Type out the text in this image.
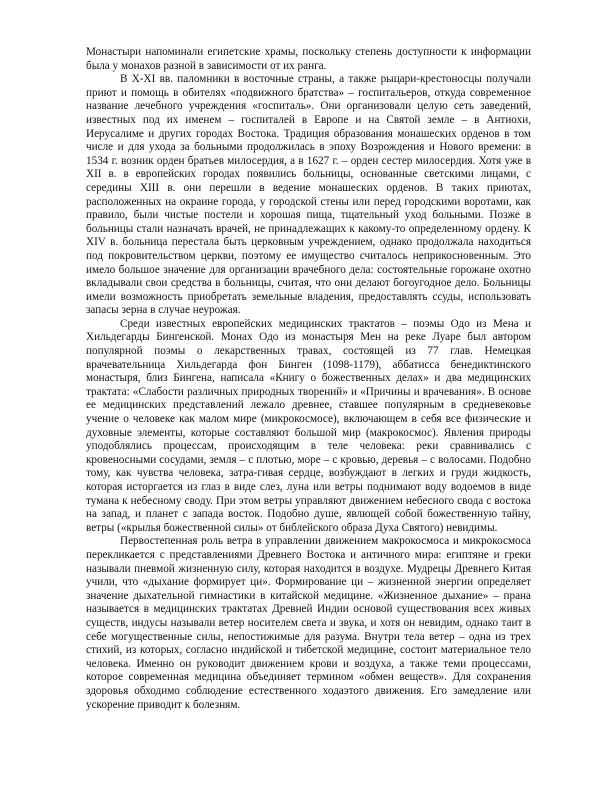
Монастыри напоминали египетские храмы, поскольку степень доступности к информации была у монахов разной в зависимости от их ранга.

В Х-ХI вв. паломники в восточные страны, а также рыцари-крестоносцы получали приют и помощь в обителях «подвижного братства» – госпитальеров, откуда современное название лечебного учреждения «госпиталь». Они организовали целую сеть заведений, известных под их именем – госпиталей в Европе и на Святой земле – в Антиохи, Иерусалиме и других городах Востока. Традиция образования монашеских орденов в том числе и для ухода за больными продолжилась в эпоху Возрождения и Нового времени: в 1534 г. возник орден братьев милосердия, а в 1627 г. – орден сестер милосердия. Хотя уже в XII в. в европейских городах появились больницы, основанные светскими лицами, с середины XIII в. они перешли в ведение монашеских орденов. В таких приютах, расположенных на окраине города, у городской стены или перед городскими воротами, как правило, были чистые постели и хорошая пища, тщательный уход больными. Позже в больницы стали назначать врачей, не принадлежащих к какому-то определенному ордену. К XIV в. больница перестала быть церковным учреждением, однако продолжала находиться под покровительством церкви, поэтому ее имущество считалось неприкосновенным. Это имело большое значение для организации врачебного дела: состоятельные горожане охотно вкладывали свои средства в больницы, считая, что они делают богоугодное дело. Больницы имели возможность приобретать земельные владения, предоставлять ссуды, использовать запасы зерна в случае неурожая.

Среди известных европейских медицинских трактатов – поэмы Одо из Мена и Хильдегарды Бингенской. Монах Одо из монастыря Мен на реке Луаре был автором популярной поэмы о лекарственных травах, состоящей из 77 глав. Немецкая врачевательница Хильдегарда фон Бинген (1098-1179), аббатисса бенедиктинского монастыря, близ Бингена, написала «Книгу о божественных делах» и два медицинских трактата: «Слабости различных природных творений» и «Причины и врачевания». В основе ее медицинских представлений лежало древнее, ставшее популярным в средневековье учение о человеке как малом мире (микрокосмосе), включающем в себя все физические и духовные элементы, которые составляют большой мир (макрокосмос). Явления природы уподоблялись процессам, происходящим в теле человека: реки сравнивались с кровеносными сосудами, земля – с плотью, море – с кровью, деревья – с волосами. Подобно тому, как чувства человека, затра-гивая сердце, возбуждают в легких и груди жидкость, которая исторгается из глаз в виде слез, луна или ветры поднимают воду водоемов в виде тумана к небесному своду. При этом ветры управляют движением небесного свода с востока на запад, и планет с запада восток. Подобно душе, явлющей собой божественную тайну, ветры («крылья божественной силы» от библейского образа Духа Святого) невидимы.

Первостепенная роль ветра в управлении движением макрокосмоса и микрокосмоса перекликается с представлениями Древнего Востока и античного мира: египтяне и греки называли пневмой жизненную силу, которая находится в воздухе. Мудрецы Древнего Китая учили, что «дыхание формирует ци». Формирование ци – жизненной энергии определяет значение дыхательной гимнастики в китайской медицине. «Жизненное дыхание» – прана называется в медицинских трактатах Древней Индии основой существования всех живых существ, индусы называли ветер носителем света и звука, и хотя он невидим, однако таит в себе могущественные силы, непостижимые для разума. Внутри тела ветер – одна из трех стихий, из которых, согласно индийской и тибетской медицине, состоит материальное тело человека. Именно он руководит движением крови и воздуха, а также теми процессами, которое современная медицина объединяет термином «обмен веществ». Для сохранения здоровья обходимо соблюдение естественного ходаэтого движения. Его замедление или ускорение приводит к болезням.
